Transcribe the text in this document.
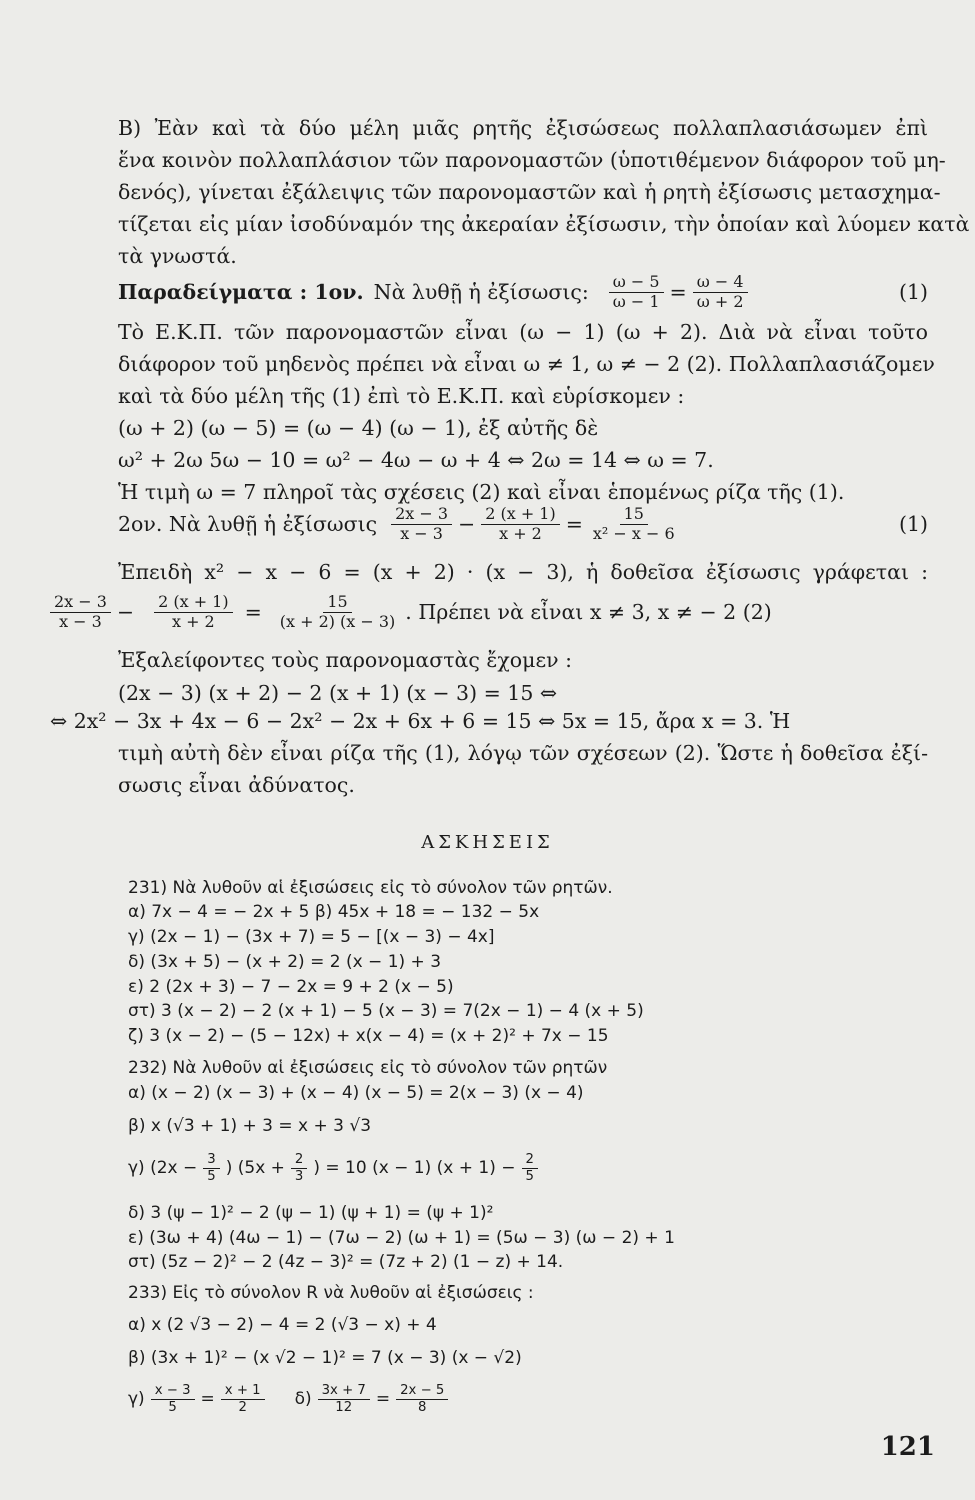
Β) Ἐὰν καὶ τὰ δύο μέλη μιᾶς ρητῆς ἐξισώσεως πολλαπλασιάσωμεν ἐπὶ
ἕνα κοινὸν πολλαπλάσιον τῶν παρονομαστῶν (ὑποτιθέμενον διάφορον τοῦ μη-
δενός), γίνεται ἐξάλειψις τῶν παρονομαστῶν καὶ ἡ ρητὴ ἐξίσωσις μετασχημα-
τίζεται εἰς μίαν ἰσοδύναμόν της ἀκεραίαν ἐξίσωσιν, τὴν ὁποίαν καὶ λύομεν κατὰ
τὰ γνωστά.
Παραδείγματα : 1ον. Νὰ λυθῇ ἡ ἐξίσωσις: $\frac{\omega - 5}{\omega - 1} = \frac{\omega - 4}{\omega + 2}$	(1)
Τὸ Ε.Κ.Π. τῶν παρονομαστῶν εἶναι (ω − 1) (ω + 2). Διὰ νὰ εἶναι τοῦτο
διάφορον τοῦ μηδενὸς πρέπει νὰ εἶναι ω ≠ 1, ω ≠ − 2 (2). Πολλαπλασιάζομεν
καὶ τὰ δύο μέλη τῆς (1) ἐπὶ τὸ Ε.Κ.Π. καὶ εὑρίσκομεν :
(ω + 2) (ω − 5) = (ω − 4) (ω − 1), ἐξ αὐτῆς δὲ
ω² + 2ω 5ω − 10 = ω² − 4ω − ω + 4 ⇔ 2ω = 14 ⇔ ω = 7.
Ἡ τιμὴ ω = 7 πληροῖ τὰς σχέσεις (2) καὶ εἶναι ἑπομένως ρίζα τῆς (1).
2ον. Νὰ λυθῇ ἡ ἐξίσωσις $\frac{2x - 3}{x - 3} - \frac{2 (x + 1)}{x + 2} = \frac{15}{\text{x² − x − 6}}$	(1)
Ἐπειδὴ x² − x − 6 = (x + 2) · (x − 3), ἡ δοθεῖσα ἐξίσωσις γράφεται :
$\frac{2x - 3}{x - 3} - \frac{2 (x + 1)}{x + 2} = \frac{15}{(x + 2) (x - 3)}$ . Πρέπει νὰ εἶναι x ≠ 3, x ≠ − 2 (2)
Ἐξαλείφοντες τοὺς παρονομαστὰς ἔχομεν :
(2x − 3) (x + 2) − 2 (x + 1) (x − 3) = 15 ⇔
⇔ 2x² − 3x + 4x − 6 − 2x² − 2x + 6x + 6 = 15 ⇔ 5x = 15, ἄρα x = 3. Ἡ
τιμὴ αὐτὴ δὲν εἶναι ρίζα τῆς (1), λόγῳ τῶν σχέσεων (2). Ὥστε ἡ δοθεῖσα ἐξί-
σωσις εἶναι ἀδύνατος.
ΑΣΚΗΣΕΙΣ
231) Νὰ λυθοῦν αἱ ἐξισώσεις εἰς τὸ σύνολον τῶν ρητῶν.
α) 7x − 4 = − 2x + 5 β) 45x + 18 = − 132 − 5x
γ) (2x − 1) − (3x + 7) = 5 − [(x − 3) − 4x]
δ) (3x + 5) − (x + 2) = 2 (x − 1) + 3
ε) 2 (2x + 3) − 7 − 2x = 9 + 2 (x − 5)
στ) 3 (x − 2) − 2 (x + 1) − 5 (x − 3) = 7(2x − 1) − 4 (x + 5)
ζ) 3 (x − 2) − (5 − 12x) + x(x − 4) = (x + 2)² + 7x − 15
232) Νὰ λυθοῦν αἱ ἐξισώσεις εἰς τὸ σύνολον τῶν ρητῶν
α) (x − 2) (x − 3) + (x − 4) (x − 5) = 2(x − 3) (x − 4)
β) x (√3 + 1) + 3 = x + 3 √3
γ) ($2x - \frac{3}{5}$ ) ($5x + \frac{2}{3}$ ) = 10 (x − 1) $(x + 1) - \frac{2}{5}$
δ) 3 (ψ − 1)² − 2 (ψ − 1) (ψ + 1) = (ψ + 1)²
ε) (3ω + 4) (4ω − 1) − (7ω − 2) (ω + 1) = (5ω − 3) (ω − 2) + 1
στ) (5z − 2)² − 2 (4z − 3)² = (7z + 2) (1 − z) + 14.
233) Εἰς τὸ σύνολον R νὰ λυθοῦν αἱ ἐξισώσεις :
α) x (2 √3 − 2) − 4 = 2 (√3 − x) + 4
β) (3x + 1)² − (x √2 − 1)² = 7 (x − 3) (x − √2)
$\gamma) \frac{x - 3}{5} = \frac{x + 1}{2} \delta) \frac{3x + 7}{12} = \frac{2x - 5}{8}$
121
